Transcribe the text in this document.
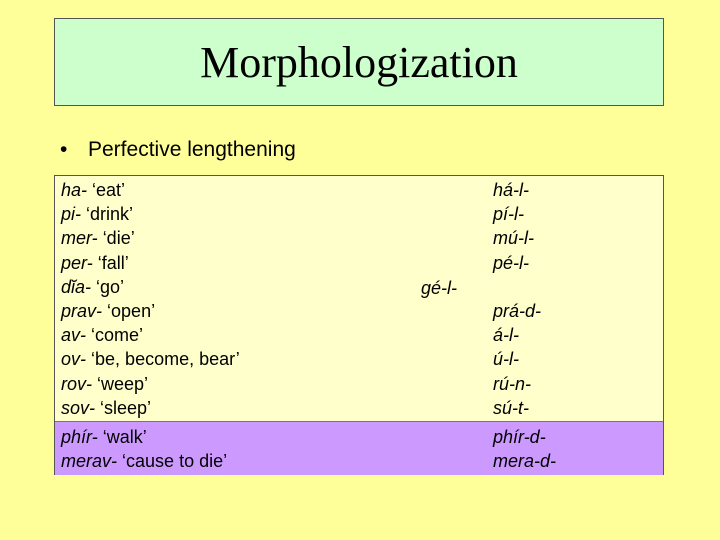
Morphologization
• Perfective lengthening
ha- ‘eat’
pi- ‘drink’
mer- ‘die’
per- ‘fall’
dĭa- ‘go’
prav- ‘open’
av- ‘come’
ov- ‘be, become, bear’
rov- ‘weep’
sov- ‘sleep’
phír- ‘walk’
merav- ‘cause to die’
gé-l-
há-l-
pí-l-
mú-l-
pé-l-
prá-d-
á-l-
ú-l-
rú-n-
sú-t-
phír-d-
mera-d-
